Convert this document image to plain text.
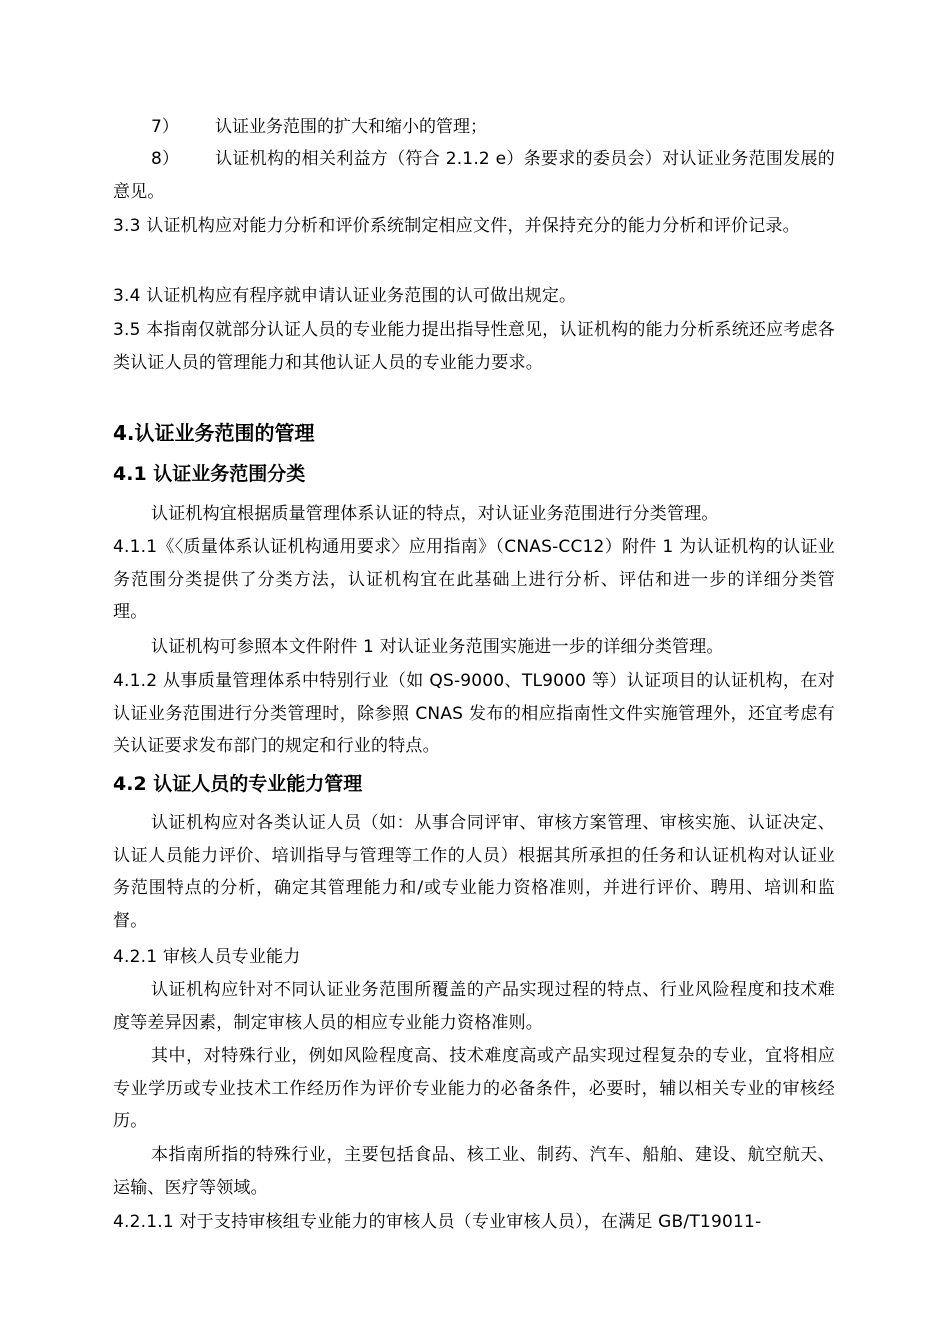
7） 认证业务范围的扩大和缩小的管理；

8） 认证机构的相关利益方（符合 2.1.2 e）条要求的委员会）对认证业务范围发展的意见。

3.3 认证机构应对能力分析和评价系统制定相应文件，并保持充分的能力分析和评价记录。

3.4 认证机构应有程序就申请认证业务范围的认可做出规定。

3.5 本指南仅就部分认证人员的专业能力提出指导性意见，认证机构的能力分析系统还应考虑各类认证人员的管理能力和其他认证人员的专业能力要求。

4.认证业务范围的管理
4.1 认证业务范围分类

认证机构宜根据质量管理体系认证的特点，对认证业务范围进行分类管理。

4.1.1《〈质量体系认证机构通用要求〉应用指南》（CNAS-CC12）附件 1 为认证机构的认证业务范围分类提供了分类方法，认证机构宜在此基础上进行分析、评估和进一步的详细分类管理。

认证机构可参照本文件附件 1 对认证业务范围实施进一步的详细分类管理。

4.1.2 从事质量管理体系中特别行业（如 QS-9000、TL9000 等）认证项目的认证机构，在对认证业务范围进行分类管理时，除参照 CNAS 发布的相应指南性文件实施管理外，还宜考虑有关认证要求发布部门的规定和行业的特点。

4.2 认证人员的专业能力管理

认证机构应对各类认证人员（如：从事合同评审、审核方案管理、审核实施、认证决定、认证人员能力评价、培训指导与管理等工作的人员）根据其所承担的任务和认证机构对认证业务范围特点的分析，确定其管理能力和/或专业能力资格准则，并进行评价、聘用、培训和监督。

4.2.1 审核人员专业能力

认证机构应针对不同认证业务范围所覆盖的产品实现过程的特点、行业风险程度和技术难度等差异因素，制定审核人员的相应专业能力资格准则。

其中，对特殊行业，例如风险程度高、技术难度高或产品实现过程复杂的专业，宜将相应专业学历或专业技术工作经历作为评价专业能力的必备条件，必要时，辅以相关专业的审核经历。

本指南所指的特殊行业，主要包括食品、核工业、制药、汽车、船舶、建设、航空航天、运输、医疗等领域。

4.2.1.1 对于支持审核组专业能力的审核人员（专业审核人员），在满足 GB/T19011-
